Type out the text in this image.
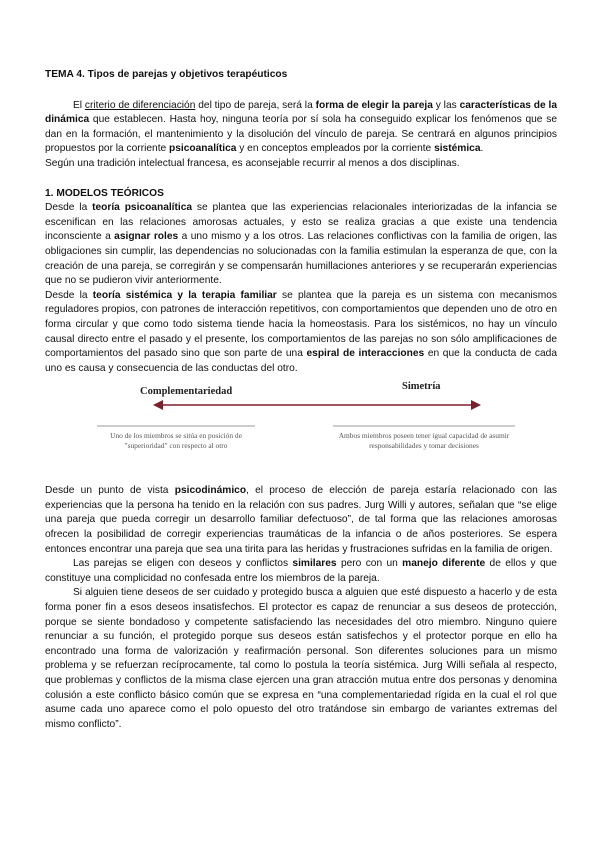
TEMA 4. Tipos de parejas y objetivos terapéuticos

El criterio de diferenciación del tipo de pareja, será la forma de elegir la pareja y las características de la dinámica que establecen. Hasta hoy, ninguna teoría por sí sola ha conseguido explicar los fenómenos que se dan en la formación, el mantenimiento y la disolución del vínculo de pareja. Se centrará en algunos principios propuestos por la corriente psicoanalítica y en conceptos empleados por la corriente sistémica.

Según una tradición intelectual francesa, es aconsejable recurrir al menos a dos disciplinas.

1. MODELOS TEÓRICOS

Desde la teoría psicoanalítica se plantea que las experiencias relacionales interiorizadas de la infancia se escenifican en las relaciones amorosas actuales, y esto se realiza gracias a que existe una tendencia inconsciente a asignar roles a uno mismo y a los otros. Las relaciones conflictivas con la familia de origen, las obligaciones sin cumplir, las dependencias no solucionadas con la familia estimulan la esperanza de que, con la creación de una pareja, se corregirán y se compensarán humillaciones anteriores y se recuperarán experiencias que no se pudieron vivir anteriormente.

Desde la teoría sistémica y la terapia familiar se plantea que la pareja es un sistema con mecanismos reguladores propios, con patrones de interacción repetitivos, con comportamientos que dependen uno de otro en forma circular y que como todo sistema tiende hacia la homeostasis. Para los sistémicos, no hay un vínculo causal directo entre el pasado y el presente, los comportamientos de las parejas no son sólo amplificaciones de comportamientos del pasado sino que son parte de una espiral de interacciones en que la conducta de cada uno es causa y consecuencia de las conductas del otro.

Complementariedad	Simetría
Uno de los miembros se sitúa en posición de "superioridad" con respecto al otro
Ambos miembros poseen tener igual capacidad de asumir responsabilidades y tomar decisiones

Desde un punto de vista psicodinámico, el proceso de elección de pareja estaría relacionado con las experiencias que la persona ha tenido en la relación con sus padres. Jurg Willi y autores, señalan que “se elige una pareja que pueda corregir un desarrollo familiar defectuoso”, de tal forma que las relaciones amorosas ofrecen la posibilidad de corregir experiencias traumáticas de la infancia o de años posteriores. Se espera entonces encontrar una pareja que sea una tirita para las heridas y frustraciones sufridas en la familia de origen.

Las parejas se eligen con deseos y conflictos similares pero con un manejo diferente de ellos y que constituye una complicidad no confesada entre los miembros de la pareja.

Si alguien tiene deseos de ser cuidado y protegido busca a alguien que esté dispuesto a hacerlo y de esta forma poner fin a esos deseos insatisfechos. El protector es capaz de renunciar a sus deseos de protección, porque se siente bondadoso y competente satisfaciendo las necesidades del otro miembro. Ninguno quiere renunciar a su función, el protegido porque sus deseos están satisfechos y el protector porque en ello ha encontrado una forma de valorización y reafirmación personal. Son diferentes soluciones para un mismo problema y se refuerzan recíprocamente, tal como lo postula la teoría sistémica. Jurg Willi señala al respecto, que problemas y conflictos de la misma clase ejercen una gran atracción mutua entre dos personas y denomina colusión a este conflicto básico común que se expresa en “una complementariedad rígida en la cual el rol que asume cada uno aparece como el polo opuesto del otro tratándose sin embargo de variantes extremas del mismo conflicto”.
